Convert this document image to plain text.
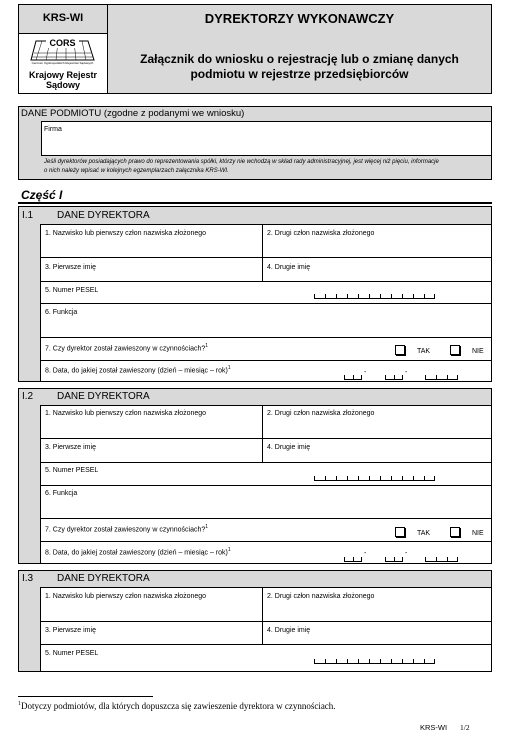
KRS-WI	DYREKTORZY WYKONAWCZY
Załącznik do wniosku o rejestrację lub o zmianę danych
podmiotu w rejestrze przedsiębiorców
CORS
Centrum Ogólnopolskich Rejestrów Sądowych
Krajowy Rejestr
Sądowy
DANE PODMIOTU (zgodne z podanymi we wniosku)
Firma
Jeśli dyrektorów posiadających prawo do reprezentowania spółki, którzy nie wchodzą w skład rady administracyjnej, jest więcej niż pięciu, informacje
o nich należy wpisać w kolejnych egzemplarzach załącznika KRS-WI.
Część I
I.1 DANE DYREKTORA
1. Nazwisko lub pierwszy człon nazwiska złożonego	2. Drugi człon nazwiska złożonego
3. Pierwsze imię	4. Drugie imię
5. Numer PESEL
6. Funkcja
7. Czy dyrektor został zawieszony w czynnościach?$^1$
TAK	NIE
8. Data, do jakiej został zawieszony (dzień – miesiąc – rok)$^1$
-	-
I.2 DANE DYREKTORA
1. Nazwisko lub pierwszy człon nazwiska złożonego	2. Drugi człon nazwiska złożonego
3. Pierwsze imię	4. Drugie imię
5. Numer PESEL
6. Funkcja
7. Czy dyrektor został zawieszony w czynnościach?$^1$
TAK	NIE
8. Data, do jakiej został zawieszony (dzień – miesiąc – rok)$^1$	-	-
I.3 DANE DYREKTORA
1. Nazwisko lub pierwszy człon nazwiska złożonego	2. Drugi człon nazwiska złożonego
3. Pierwsze imię	4. Drugie imię
5. Numer PESEL
$^1$Dotyczy podmiotów, dla których dopuszcza się zawieszenie dyrektora w czynnościach.
KRS-WI 1/2
